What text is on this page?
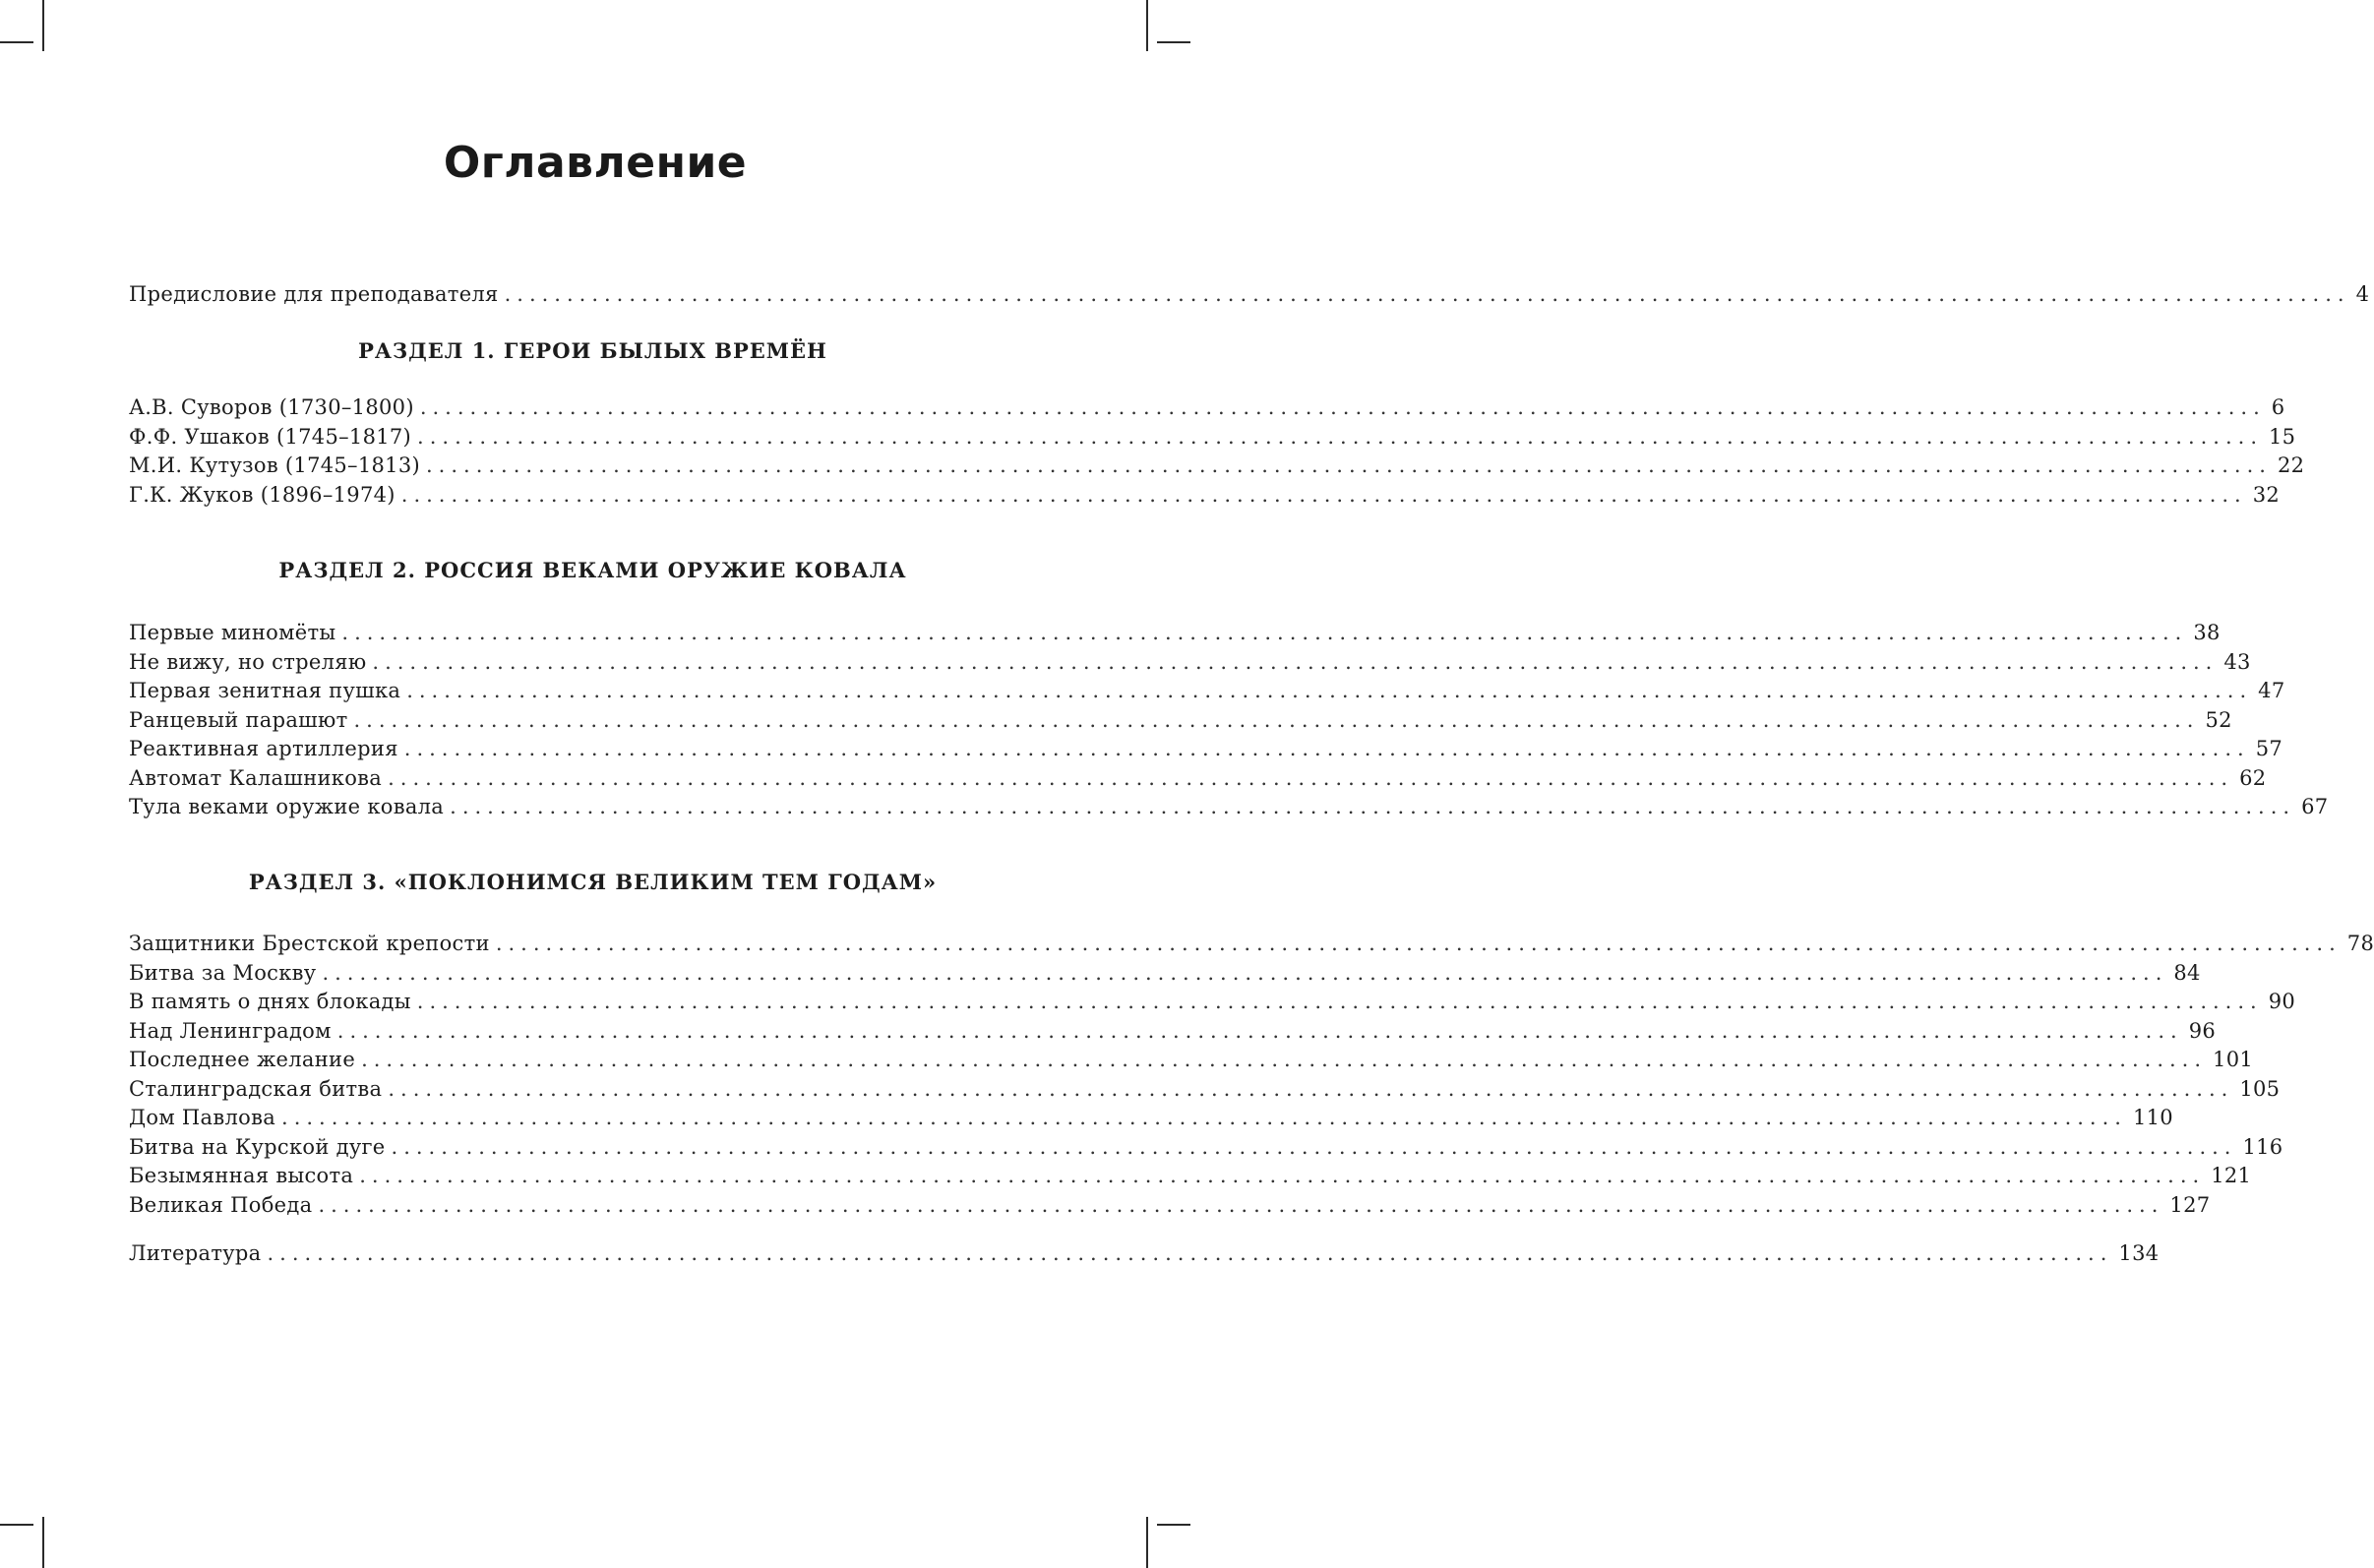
Оглавление
Предисловие для преподавателя .................................................................................................................................................... 4
РАЗДЕЛ 1. ГЕРОИ БЫЛЫХ ВРЕМЁН
А.В. Суворов (1730–1800) .................................................................................................................................................... 6
Ф.Ф. Ушаков (1745–1817) .................................................................................................................................................... 15
М.И. Кутузов (1745–1813) .................................................................................................................................................... 22
Г.К. Жуков (1896–1974) .................................................................................................................................................... 32
РАЗДЕЛ 2. РОССИЯ ВЕКАМИ ОРУЖИЕ КОВАЛА
Первые миномёты .................................................................................................................................................... 38
Не вижу, но стреляю .................................................................................................................................................... 43
Первая зенитная пушка .................................................................................................................................................... 47
Ранцевый парашют .................................................................................................................................................... 52
Реактивная артиллерия .................................................................................................................................................... 57
Автомат Калашникова .................................................................................................................................................... 62
Тула веками оружие ковала .................................................................................................................................................... 67
РАЗДЕЛ 3. «ПОКЛОНИМСЯ ВЕЛИКИМ ТЕМ ГОДАМ»
Защитники Брестской крепости .................................................................................................................................................... 78
Битва за Москву .................................................................................................................................................... 84
В память о днях блокады .................................................................................................................................................... 90
Над Ленинградом .................................................................................................................................................... 96
Последнее желание .................................................................................................................................................... 101
Сталинградская битва .................................................................................................................................................... 105
Дом Павлова .................................................................................................................................................... 110
Битва на Курской дуге .................................................................................................................................................... 116
Безымянная высота .................................................................................................................................................... 121
Великая Победа .................................................................................................................................................... 127
Литература .................................................................................................................................................... 134
